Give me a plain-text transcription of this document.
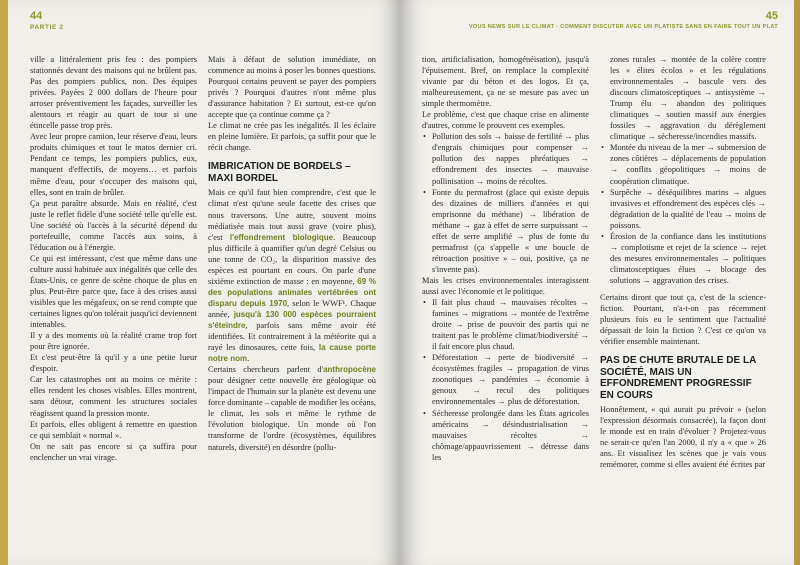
44
PARTIE 2

ville a littéralement pris feu : des pompiers stationnés devant des maisons qui ne brûlent pas. Pas des pompiers publics, non. Des équipes privées. Payées 2 000 dollars de l'heure pour arroser préventivement les façades, surveiller les alentours et réagir au quart de tour si une étincelle passe trop près.

Avec leur propre camion, leur réserve d'eau, leurs produits chimiques et tout le matos dernier cri. Pendant ce temps, les pompiers publics, eux, manquent d'effectifs, de moyens… et parfois même d'eau, pour s'occuper des maisons qui, elles, sont en train de brûler.

Ça peut paraître absurde. Mais en réalité, c'est juste le reflet fidèle d'une société telle qu'elle est. Une société où l'accès à la sécurité dépend du portefeuille, comme l'accès aux soins, à l'éducation ou à l'énergie.

Ce qui est intéressant, c'est que même dans une culture aussi habituée aux inégalités que celle des États-Unis, ce genre de scène choque de plus en plus. Peut-être parce que, face à des crises aussi visibles que les mégafeux, on se rend compte que certaines lignes qu'on tolérait jusqu'ici deviennent intenables.

Il y a des moments où la réalité crame trop fort pour être ignorée.

Et c'est peut-être là qu'il y a une petite lueur d'espoir.

Car les catastrophes ont au moins ce mérite : elles rendent les choses visibles. Elles montrent, sans détour, comment les structures sociales réagissent quand la pression monte.

Et parfois, elles obligent à remettre en question ce qui semblait « normal ».

On ne sait pas encore si ça suffira pour enclencher un vrai virage.

Mais à défaut de solution immédiate, on commence au moins à poser les bonnes questions.

Pourquoi certains peuvent se payer des pompiers privés ? Pourquoi d'autres n'ont même plus d'assurance habitation ? Et surtout, est-ce qu'on accepte que ça continue comme ça ?

Le climat ne crée pas les inégalités. Il les éclaire en pleine lumière. Et parfois, ça suffit pour que le récit change.

IMBRICATION DE BORDELS – MAXI BORDEL

Mais ce qu'il faut bien comprendre, c'est que le climat n'est qu'une seule facette des crises que nous traversons. Une autre, souvent moins médiatisée mais tout aussi grave (voire plus), c'est l'effondrement biologique. Beaucoup plus difficile à quantifier qu'un degré Celsius ou une tonne de CO₂, la disparition massive des espèces est pourtant en cours. On parle d'une sixième extinction de masse : en moyenne, 69 % des populations animales vertébrées ont disparu depuis 1970, selon le WWF¹. Chaque année, jusqu'à 130 000 espèces pourraient s'éteindre, parfois sans même avoir été identifiées. Et contrairement à la météorite qui a rayé les dinosaures, cette fois, la cause porte notre nom.

Certains chercheurs parlent d'anthropocène pour désigner cette nouvelle ère géologique où l'impact de l'humain sur la planète est devenu une force dominante – capable de modifier les océans, le climat, les sols et même le rythme de l'évolution biologique. Un monde où l'on transforme de l'ordre (écosystèmes, équilibres naturels, diversité) en désordre (pollu-

45
VOUS NEWS SUR LE CLIMAT · COMMENT DISCUTER AVEC UN PLATISTE SANS EN FAIRE TOUT UN PLAT

tion, artificialisation, homogénéisation), jusqu'à l'épuisement. Bref, on remplace la complexité vivante par du béton et des logos. Et ça, malheureusement, ça ne se mesure pas avec un simple thermomètre.

Le problème, c'est que chaque crise en alimente d'autres, comme le prouvent ces exemples.

• Pollution des sols → baisse de fertilité → plus d'engrais chimiques pour compenser → pollution des nappes phréatiques → effondrement des insectes → mauvaise pollinisation → moins de récoltes.
• Fonte du permafrost (glace qui existe depuis des dizaines de milliers d'années et qui emprisonne du méthane) → libération de méthane → gaz à effet de serre surpuissant → effet de serre amplifié → plus de fonte du permafrost (ça s'appelle « une boucle de rétroaction positive » – oui, positive, ça ne s'invente pas).

Mais les crises environnementales interagissent aussi avec l'économie et le politique.

• Il fait plus chaud → mauvaises récoltes → famines → migrations → montée de l'extrême droite → prise de pouvoir des partis qui ne traitent pas le problème climat/biodiversité → il fait encore plus chaud.
• Déforestation → perte de biodiversité → écosystèmes fragiles → propagation de virus zoonotiques → pandémies → économie à genoux → recul des politiques environnementales → plus de déforestation.
• Sécheresse prolongée dans les États agricoles américains → désindustrialisation → mauvaises récoltes → chômage/appauvrissement → détresse dans les
zones rurales → montée de la colère contre les « élites écolos » et les régulations environnementales → bascule vers des discours climatosceptiques → antisystème → Trump élu → abandon des politiques climatiques → soutien massif aux énergies fossiles → aggravation du dérèglement climatique → sécheresse/incendies massifs.
• Montée du niveau de la mer → submersion de zones côtières → déplacements de population → conflits géopolitiques → moins de coopération climatique.
• Surpêche → déséquilibres marins → algues invasives et effondrement des espèces clés → dégradation de la qualité de l'eau → moins de poissons.
• Érosion de la confiance dans les institutions → complotisme et rejet de la science → rejet des mesures environnementales → politiques climatosceptiques élues → blocage des solutions → aggravation des crises.

Certains diront que tout ça, c'est de la science-fiction. Pourtant, n'a-t-on pas récemment plusieurs fois eu le sentiment que l'actualité dépassait de loin la fiction ? C'est ce qu'on va vérifier ensemble maintenant.

PAS DE CHUTE BRUTALE DE LA SOCIÉTÉ, MAIS UN EFFONDREMENT PROGRESSIF EN COURS

Honnêtement, « qui aurait pu prévoir » (selon l'expression désormais consacrée), la façon dont le monde est en train d'évoluer ? Projetez-vous ne serait-ce qu'en l'an 2000, il n'y a « que » 26 ans. Et visualisez les scènes que je vais vous remémorer, comme si elles avaient été écrites par
